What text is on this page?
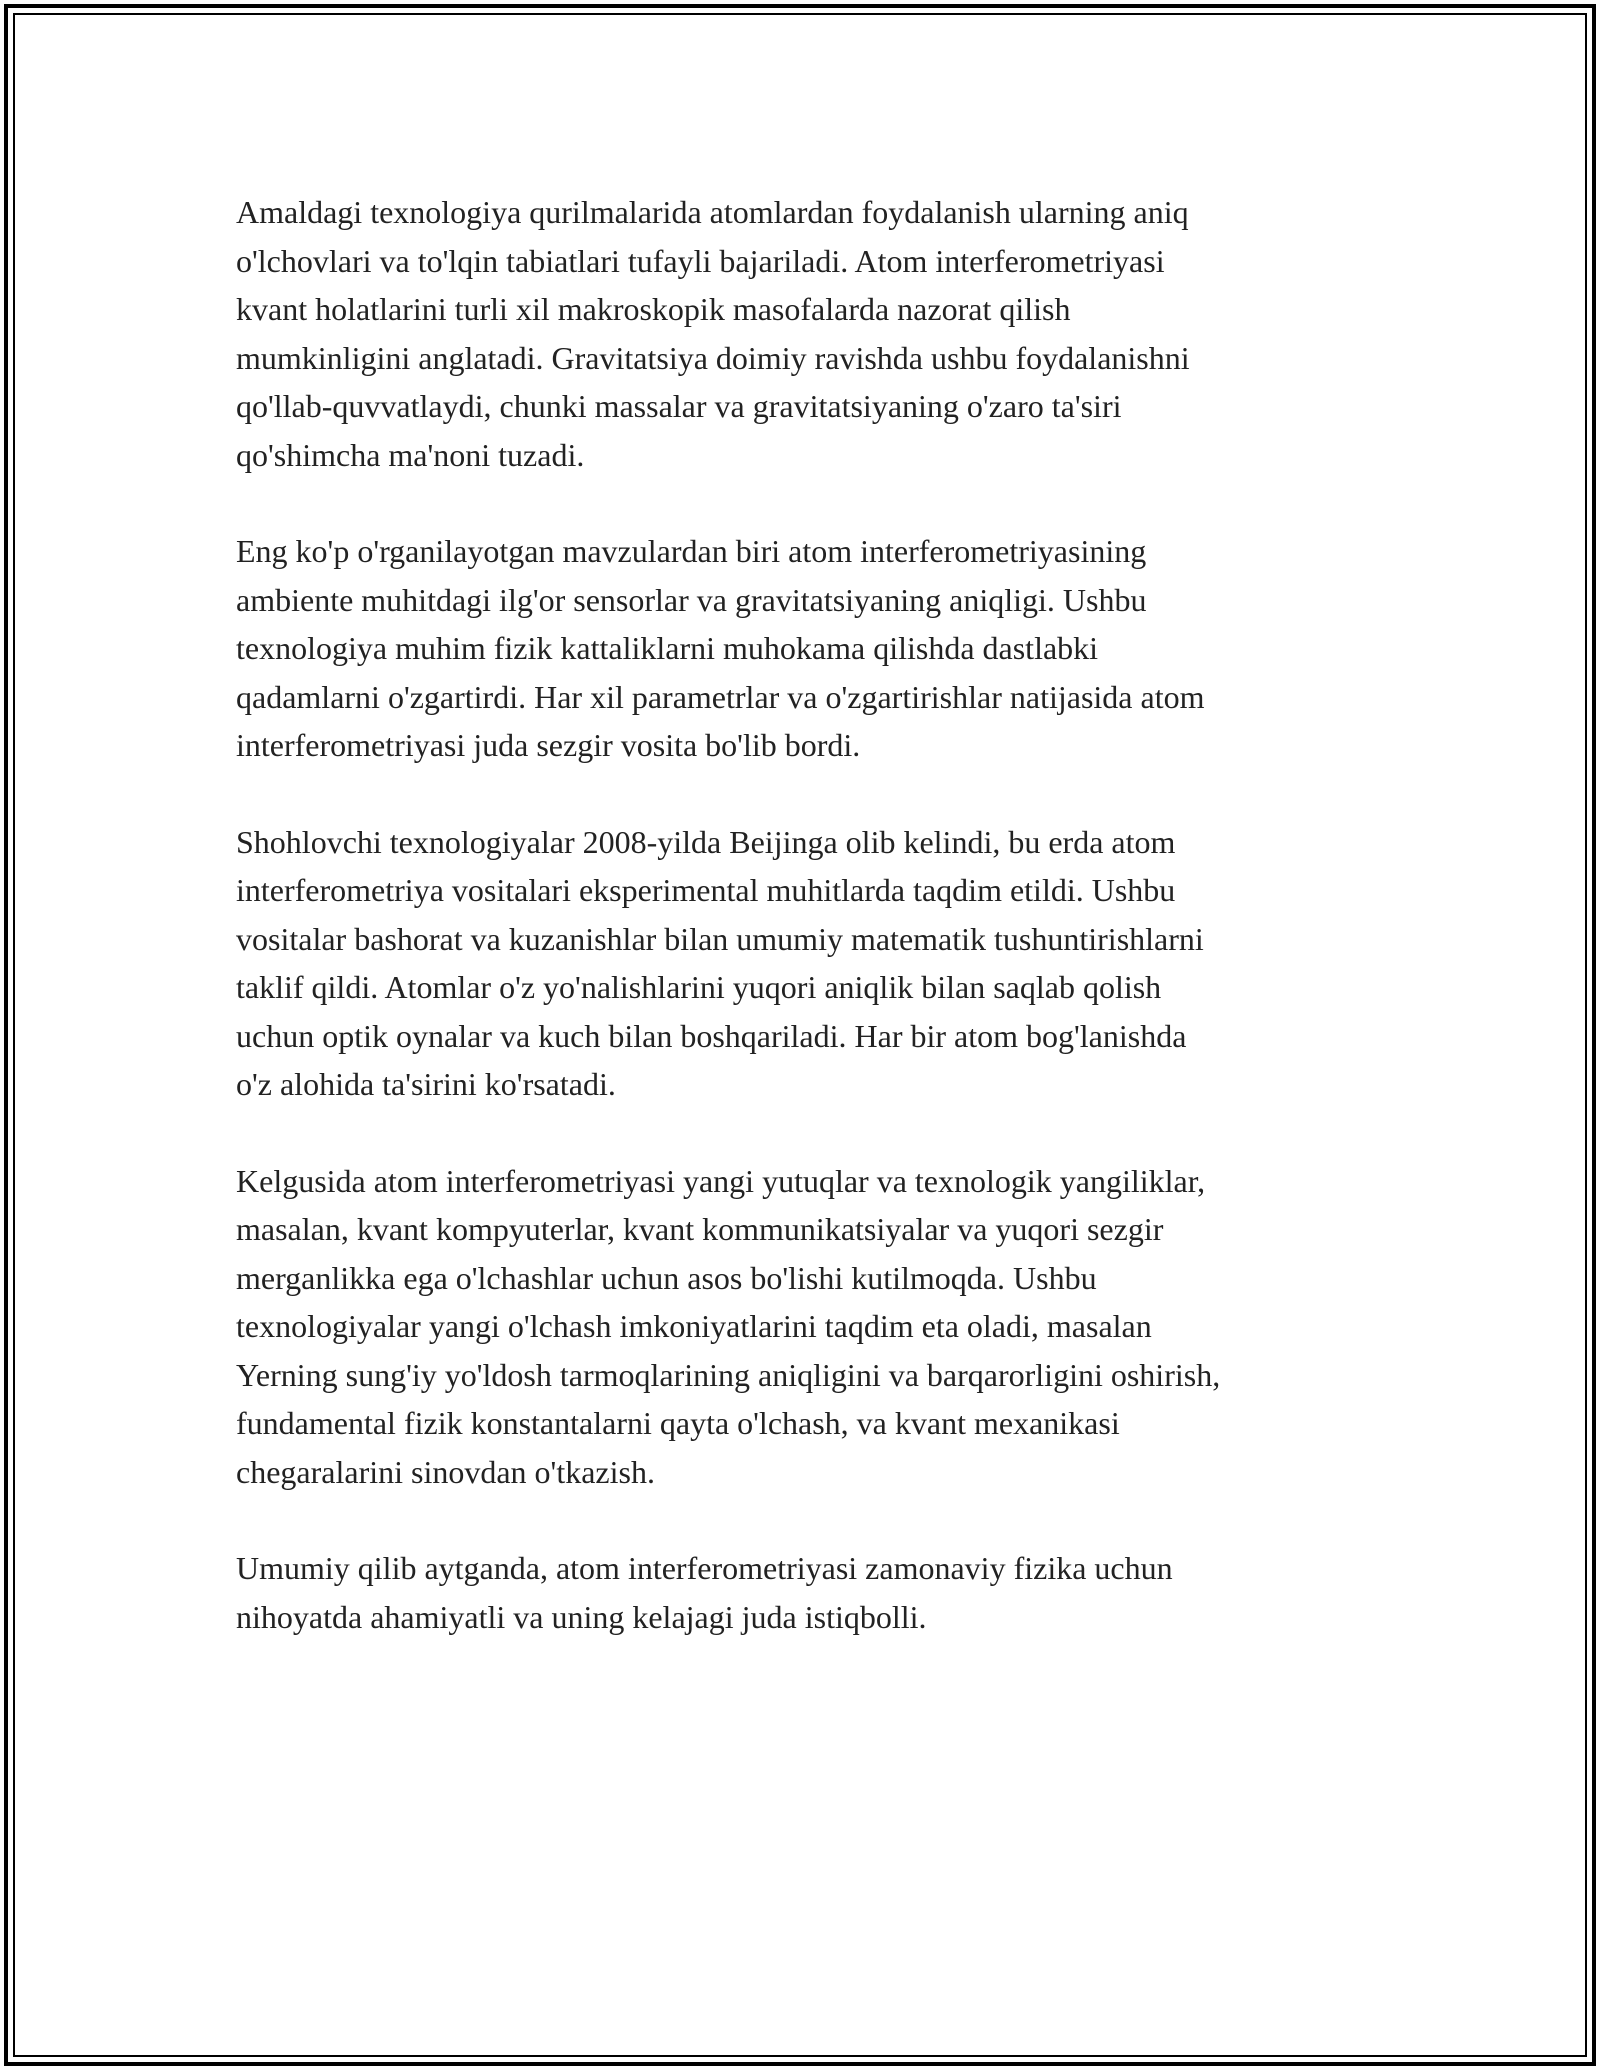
Amaldagi texnologiya qurilmalarida atomlardan foydalanish ularning aniq
o'lchovlari va to'lqin tabiatlari tufayli bajariladi. Atom interferometriyasi
kvant holatlarini turli xil makroskopik masofalarda nazorat qilish
mumkinligini anglatadi. Gravitatsiya doimiy ravishda ushbu foydalanishni
qo'llab-quvvatlaydi, chunki massalar va gravitatsiyaning o'zaro ta'siri
qo'shimcha ma'noni tuzadi.

Eng ko'p o'rganilayotgan mavzulardan biri atom interferometriyasining
ambiente muhitdagi ilg'or sensorlar va gravitatsiyaning aniqligi. Ushbu
texnologiya muhim fizik kattaliklarni muhokama qilishda dastlabki
qadamlarni o'zgartirdi. Har xil parametrlar va o'zgartirishlar natijasida atom
interferometriyasi juda sezgir vosita bo'lib bordi.

Shohlovchi texnologiyalar 2008-yilda Beijinga olib kelindi, bu erda atom
interferometriya vositalari eksperimental muhitlarda taqdim etildi. Ushbu
vositalar bashorat va kuzanishlar bilan umumiy matematik tushuntirishlarni
taklif qildi. Atomlar o'z yo'nalishlarini yuqori aniqlik bilan saqlab qolish
uchun optik oynalar va kuch bilan boshqariladi. Har bir atom bog'lanishda
o'z alohida ta'sirini ko'rsatadi.

Kelgusida atom interferometriyasi yangi yutuqlar va texnologik yangiliklar,
masalan, kvant kompyuterlar, kvant kommunikatsiyalar va yuqori sezgir
merganlikka ega o'lchashlar uchun asos bo'lishi kutilmoqda. Ushbu
texnologiyalar yangi o'lchash imkoniyatlarini taqdim eta oladi, masalan
Yerning sung'iy yo'ldosh tarmoqlarining aniqligini va barqarorligini oshirish,
fundamental fizik konstantalarni qayta o'lchash, va kvant mexanikasi
chegaralarini sinovdan o'tkazish.

Umumiy qilib aytganda, atom interferometriyasi zamonaviy fizika uchun
nihoyatda ahamiyatli va uning kelajagi juda istiqbolli.
